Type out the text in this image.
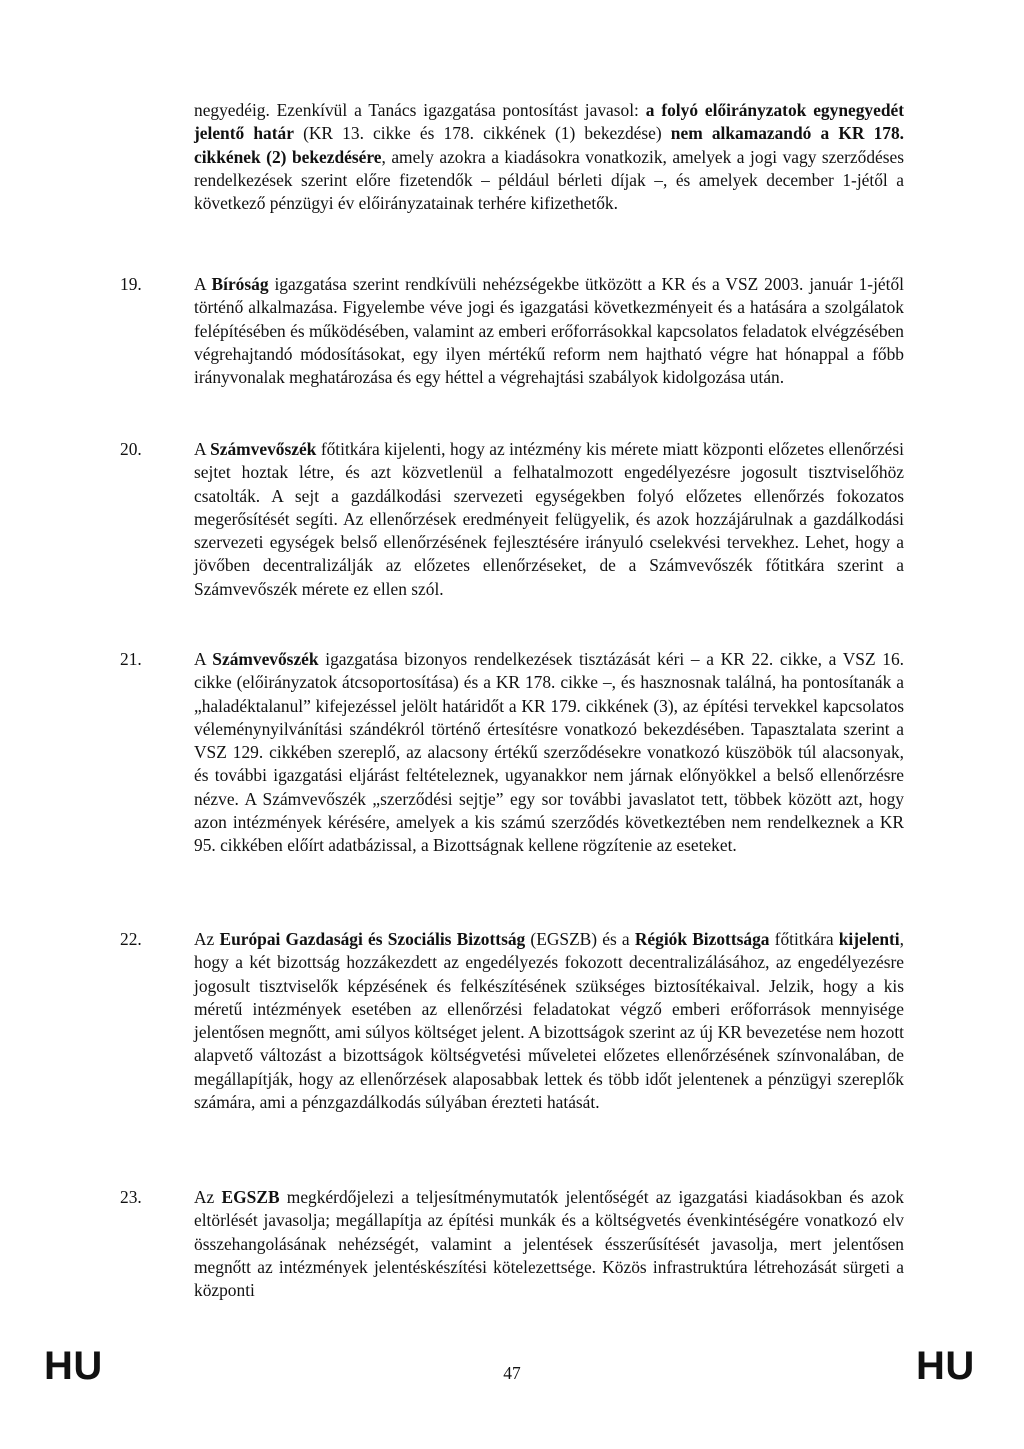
negyedéig. Ezenkívül a Tanács igazgatása pontosítást javasol: a folyó előirányzatok egynegyedét jelentő határ (KR 13. cikke és 178. cikkének (1) bekezdése) nem alkamazandó a KR 178. cikkének (2) bekezdésére, amely azokra a kiadásokra vonatkozik, amelyek a jogi vagy szerződéses rendelkezések szerint előre fizetendők – például bérleti díjak –, és amelyek december 1-jétől a következő pénzügyi év előirányzatainak terhére kifizethetők.

19.	A Bíróság igazgatása szerint rendkívüli nehézségekbe ütközött a KR és a VSZ 2003. január 1-jétől történő alkalmazása. Figyelembe véve jogi és igazgatási következményeit és a hatására a szolgálatok felépítésében és működésében, valamint az emberi erőforrásokkal kapcsolatos feladatok elvégzésében végrehajtandó módosításokat, egy ilyen mértékű reform nem hajtható végre hat hónappal a főbb irányvonalak meghatározása és egy héttel a végrehajtási szabályok kidolgozása után.

20.	A Számvevőszék főtitkára kijelenti, hogy az intézmény kis mérete miatt központi előzetes ellenőrzési sejtet hoztak létre, és azt közvetlenül a felhatalmozott engedélyezésre jogosult tisztviselőhöz csatolták. A sejt a gazdálkodási szervezeti egységekben folyó előzetes ellenőrzés fokozatos megerősítését segíti. Az ellenőrzések eredményeit felügyelik, és azok hozzájárulnak a gazdálkodási szervezeti egységek belső ellenőrzésének fejlesztésére irányuló cselekvési tervekhez. Lehet, hogy a jövőben decentralizálják az előzetes ellenőrzéseket, de a Számvevőszék főtitkára szerint a Számvevőszék mérete ez ellen szól.

21.	A Számvevőszék igazgatása bizonyos rendelkezések tisztázását kéri – a KR 22. cikke, a VSZ 16. cikke (előirányzatok átcsoportosítása) és a KR 178. cikke –, és hasznosnak találná, ha pontosítanák a „haladéktalanul” kifejezéssel jelölt határidőt a KR 179. cikkének (3), az építési tervekkel kapcsolatos véleménynyilvánítási szándékról történő értesítésre vonatkozó bekezdésében. Tapasztalata szerint a VSZ 129. cikkében szereplő, az alacsony értékű szerződésekre vonatkozó küszöbök túl alacsonyak, és további igazgatási eljárást feltételeznek, ugyanakkor nem járnak előnyökkel a belső ellenőrzésre nézve. A Számvevőszék „szerződési sejtje” egy sor további javaslatot tett, többek között azt, hogy azon intézmények kérésére, amelyek a kis számú szerződés következtében nem rendelkeznek a KR 95. cikkében előírt adatbázissal, a Bizottságnak kellene rögzítenie az eseteket.

22.	Az Európai Gazdasági és Szociális Bizottság (EGSZB) és a Régiók Bizottsága főtitkára kijelenti, hogy a két bizottság hozzákezdett az engedélyezés fokozott decentralizálásához, az engedélyezésre jogosult tisztviselők képzésének és felkészítésének szükséges biztosítékaival. Jelzik, hogy a kis méretű intézmények esetében az ellenőrzési feladatokat végző emberi erőforrások mennyisége jelentősen megnőtt, ami súlyos költséget jelent. A bizottságok szerint az új KR bevezetése nem hozott alapvető változást a bizottságok költségvetési műveletei előzetes ellenőrzésének színvonalában, de megállapítják, hogy az ellenőrzések alaposabbak lettek és több időt jelentenek a pénzügyi szereplők számára, ami a pénzgazdálkodás súlyában érezteti hatását.

23.	Az EGSZB megkérdőjelezi a teljesítménymutatók jelentőségét az igazgatási kiadásokban és azok eltörlését javasolja; megállapítja az építési munkák és a költségvetés évenkintéségére vonatkozó elv összehangolásának nehézségét, valamint a jelentések ésszerűsítését javasolja, mert jelentősen megnőtt az intézmények jelentéskészítési kötelezettsége. Közös infrastruktúra létrehozását sürgeti a központi

HU	47	HU
